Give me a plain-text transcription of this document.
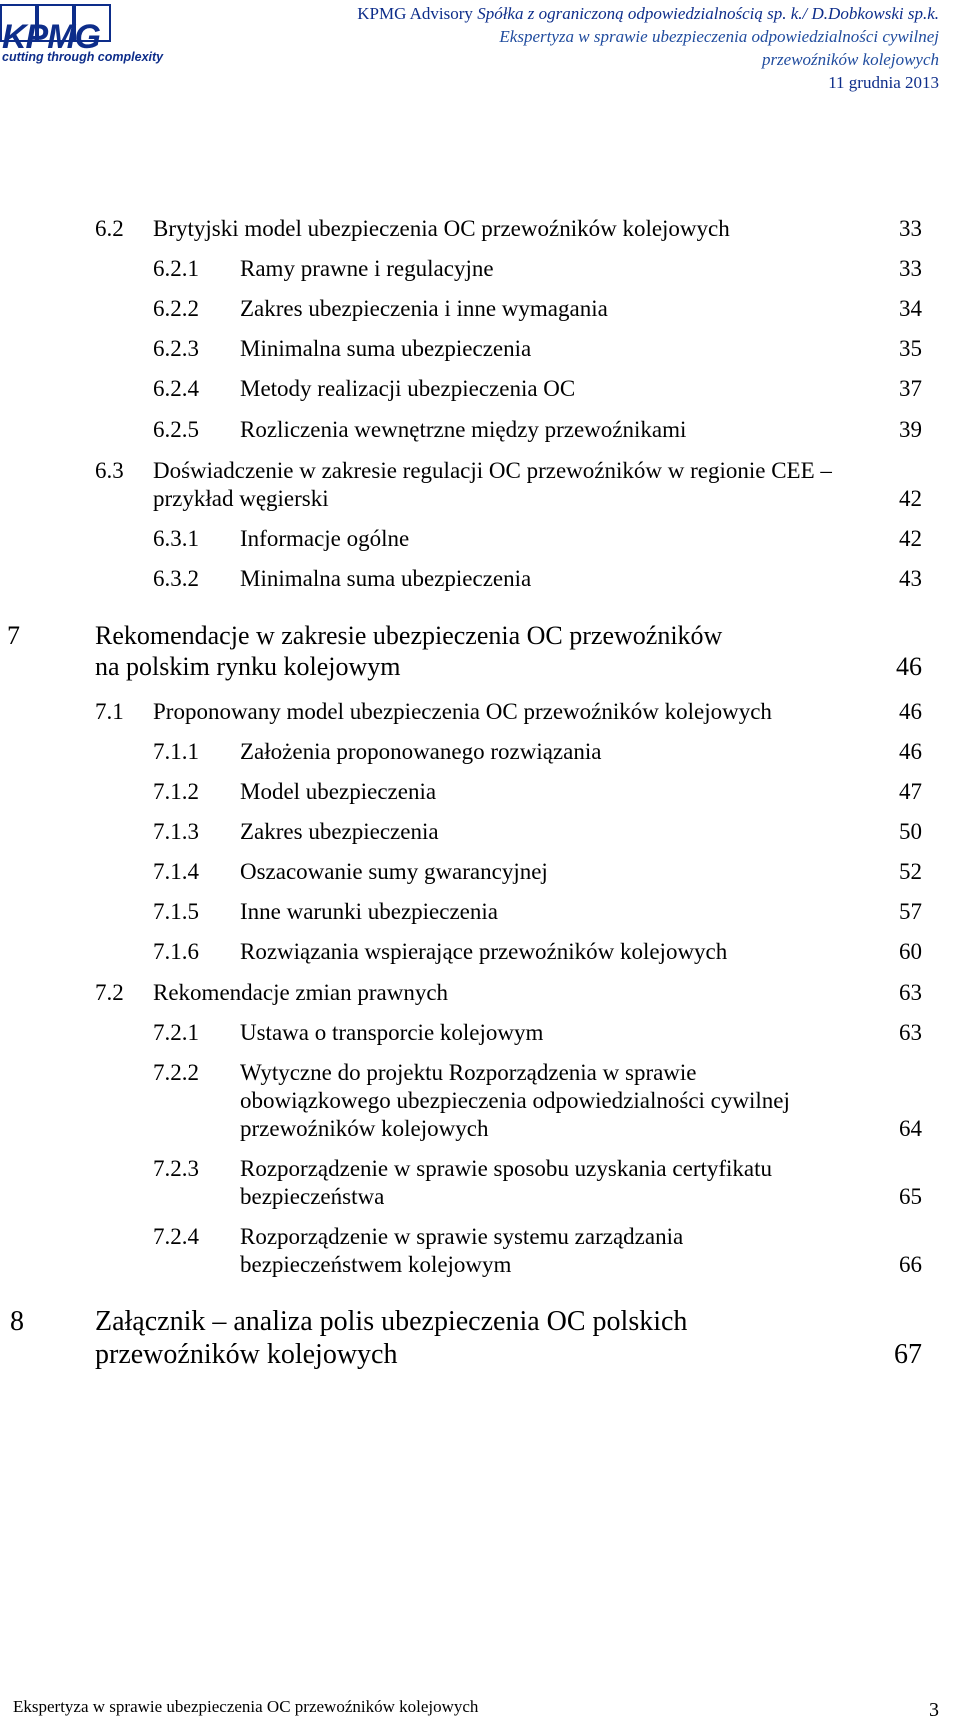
KPMG
cutting through complexity
KPMG Advisory Spółka z ograniczoną odpowiedzialnością sp. k./ D.Dobkowski sp.k.
Ekspertyza w sprawie ubezpieczenia odpowiedzialności cywilnej
przewoźników kolejowych
11 grudnia 2013
6.2 Brytyjski model ubezpieczenia OC przewoźników kolejowych	33
6.2.1 Ramy prawne i regulacyjne	33
6.2.2 Zakres ubezpieczenia i inne wymagania	34
6.2.3 Minimalna suma ubezpieczenia	35
6.2.4 Metody realizacji ubezpieczenia OC	37
6.2.5 Rozliczenia wewnętrzne między przewoźnikami	39
6.3 Doświadczenie w zakresie regulacji OC przewoźników w regionie CEE –
przykład węgierski	42
6.3.1 Informacje ogólne	42
6.3.2 Minimalna suma ubezpieczenia	43
7	Rekomendacje w zakresie ubezpieczenia OC przewoźników
na polskim rynku kolejowym	46
7.1 Proponowany model ubezpieczenia OC przewoźników kolejowych	46
7.1.1 Założenia proponowanego rozwiązania	46
7.1.2 Model ubezpieczenia	47
7.1.3 Zakres ubezpieczenia	50
7.1.4 Oszacowanie sumy gwarancyjnej	52
7.1.5 Inne warunki ubezpieczenia	57
7.1.6 Rozwiązania wspierające przewoźników kolejowych	60
7.2 Rekomendacje zmian prawnych	63
7.2.1 Ustawa o transporcie kolejowym	63
7.2.2 Wytyczne do projektu Rozporządzenia w sprawie
obowiązkowego ubezpieczenia odpowiedzialności cywilnej
przewoźników kolejowych	64
7.2.3 Rozporządzenie w sprawie sposobu uzyskania certyfikatu
bezpieczeństwa	65
7.2.4 Rozporządzenie w sprawie systemu zarządzania
bezpieczeństwem kolejowym	66
8	Załącznik – analiza polis ubezpieczenia OC polskich
przewoźników kolejowych	67
Ekspertyza w sprawie ubezpieczenia OC przewoźników kolejowych	3
